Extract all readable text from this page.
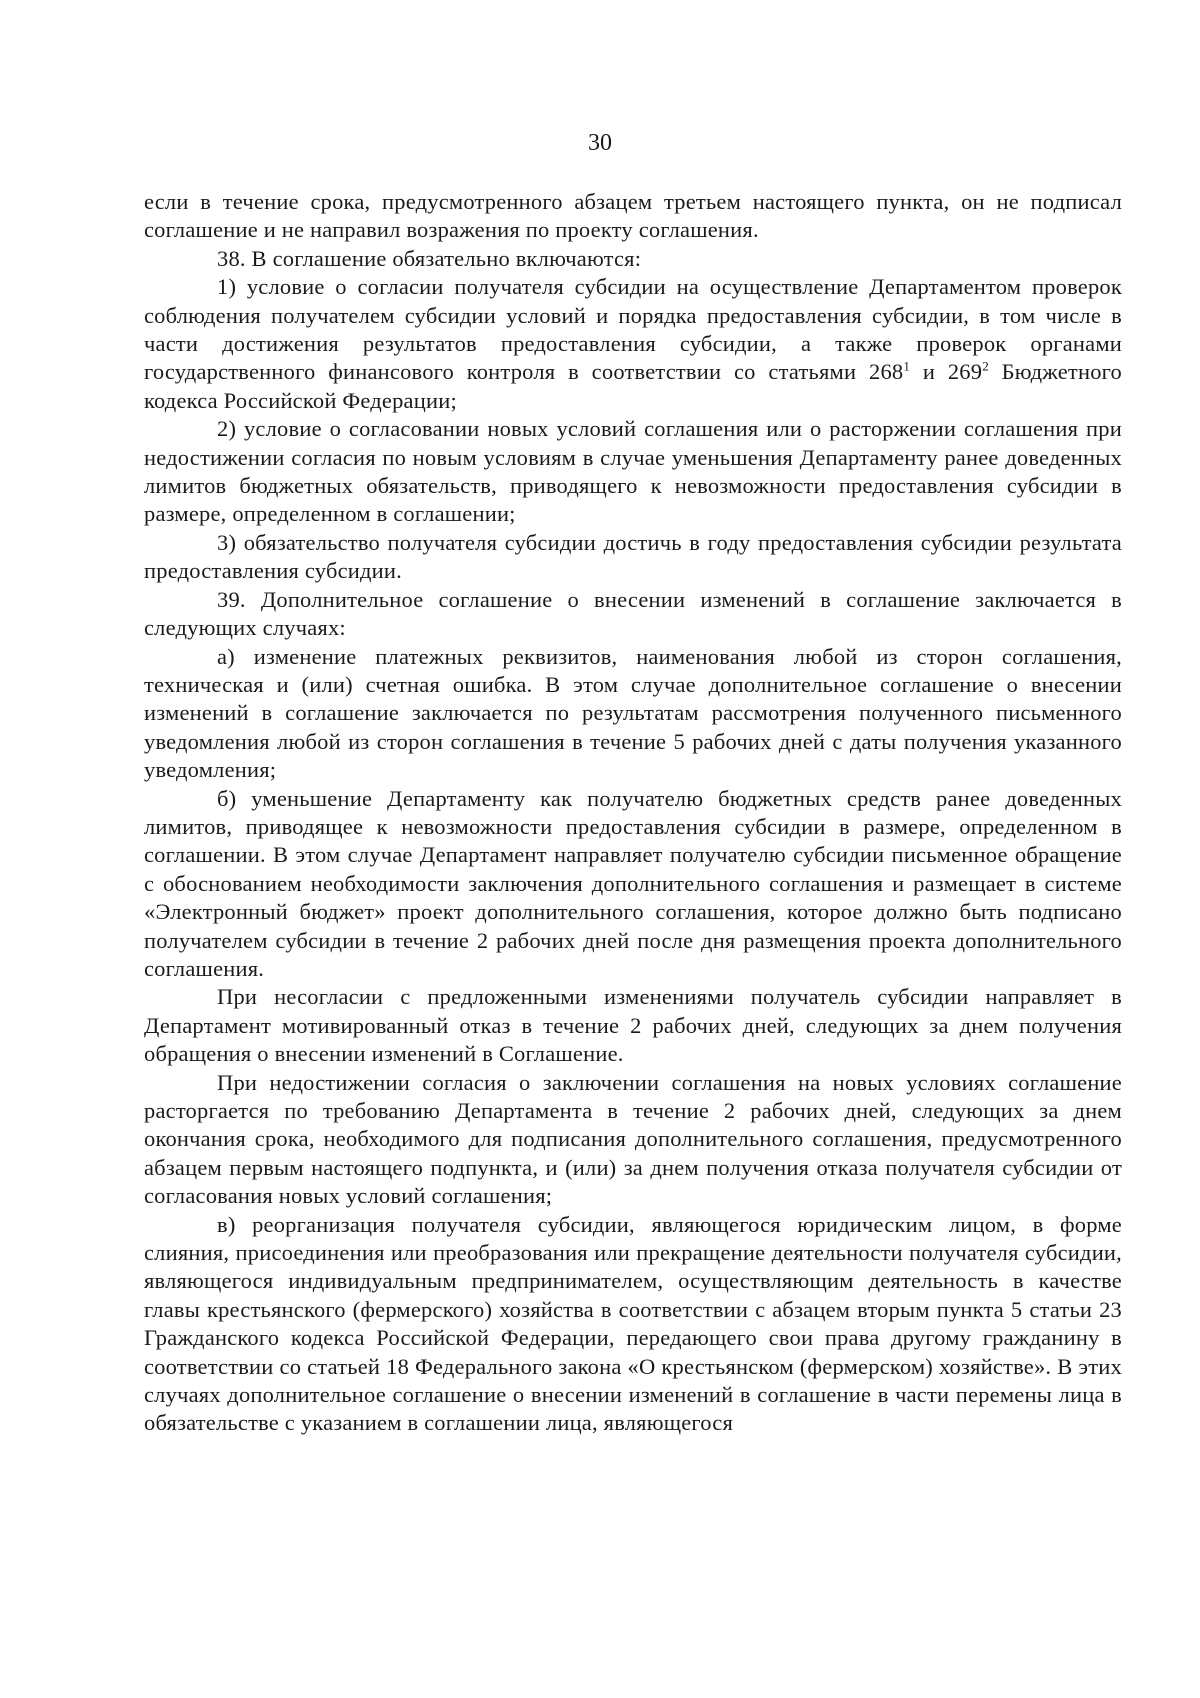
30

если в течение срока, предусмотренного абзацем третьем настоящего пункта, он не подписал соглашение и не направил возражения по проекту соглашения.

38. В соглашение обязательно включаются:

1) условие о согласии получателя субсидии на осуществление Департаментом проверок соблюдения получателем субсидии условий и порядка предоставления субсидии, в том числе в части достижения результатов предоставления субсидии, а также проверок органами государственного финансового контроля в соответствии со статьями $268^1$ и $269^2$ Бюджетного кодекса Российской Федерации;

2) условие о согласовании новых условий соглашения или о расторжении соглашения при недостижении согласия по новым условиям в случае уменьшения Департаменту ранее доведенных лимитов бюджетных обязательств, приводящего к невозможности предоставления субсидии в размере, определенном в соглашении;

3) обязательство получателя субсидии достичь в году предоставления субсидии результата предоставления субсидии.

39. Дополнительное соглашение о внесении изменений в соглашение заключается в следующих случаях:

а) изменение платежных реквизитов, наименования любой из сторон соглашения, техническая и (или) счетная ошибка. В этом случае дополнительное соглашение о внесении изменений в соглашение заключается по результатам рассмотрения полученного письменного уведомления любой из сторон соглашения в течение 5 рабочих дней с даты получения указанного уведомления;

б) уменьшение Департаменту как получателю бюджетных средств ранее доведенных лимитов, приводящее к невозможности предоставления субсидии в размере, определенном в соглашении. В этом случае Департамент направляет получателю субсидии письменное обращение с обоснованием необходимости заключения дополнительного соглашения и размещает в системе «Электронный бюджет» проект дополнительного соглашения, которое должно быть подписано получателем субсидии в течение 2 рабочих дней после дня размещения проекта дополнительного соглашения.

При несогласии с предложенными изменениями получатель субсидии направляет в Департамент мотивированный отказ в течение 2 рабочих дней, следующих за днем получения обращения о внесении изменений в Соглашение.

При недостижении согласия о заключении соглашения на новых условиях соглашение расторгается по требованию Департамента в течение 2 рабочих дней, следующих за днем окончания срока, необходимого для подписания дополнительного соглашения, предусмотренного абзацем первым настоящего подпункта, и (или) за днем получения отказа получателя субсидии от согласования новых условий соглашения;

в) реорганизация получателя субсидии, являющегося юридическим лицом, в форме слияния, присоединения или преобразования или прекращение деятельности получателя субсидии, являющегося индивидуальным предпринимателем, осуществляющим деятельность в качестве главы крестьянского (фермерского) хозяйства в соответствии с абзацем вторым пункта 5 статьи 23 Гражданского кодекса Российской Федерации, передающего свои права другому гражданину в соответствии со статьей 18 Федерального закона «О крестьянском (фермерском) хозяйстве». В этих случаях дополнительное соглашение о внесении изменений в соглашение в части перемены лица в обязательстве с указанием в соглашении лица, являющегося
